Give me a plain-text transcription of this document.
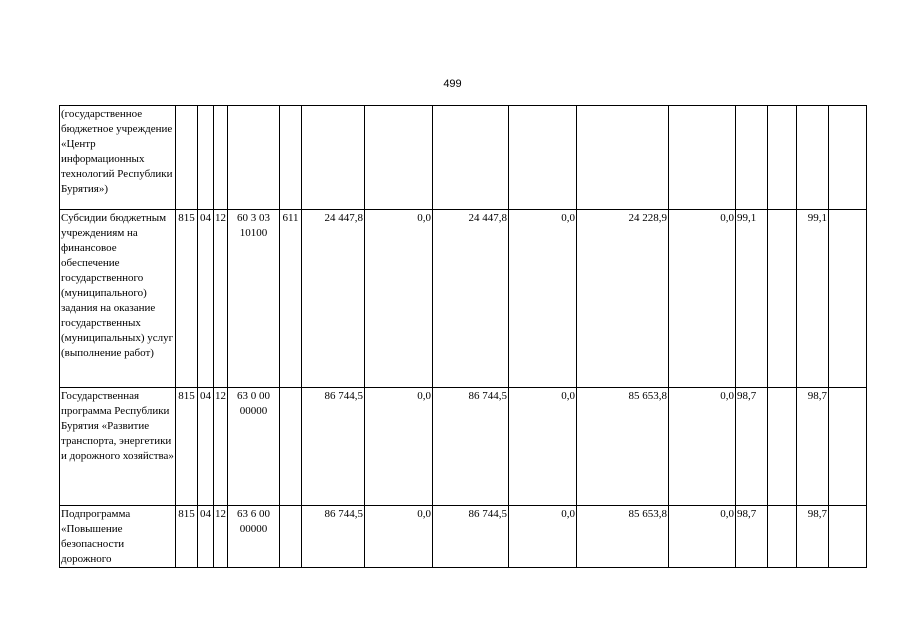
499
(государственное бюджетное учреждение «Центр информационных технологий Республики Бурятия»)															
Субсидии бюджетным учреждениям на финансовое обеспечение государственного (муниципального) задания на оказание государственных (муниципальных) услуг (выполнение работ)	815	04	12	60 3 03 10100	611	24 447,8	0,0	24 447,8	0,0	24 228,9	0,0	99,1		99,1	
Государственная программа Республики Бурятия «Развитие транспорта, энергетики и дорожного хозяйства»	815	04	12	63 0 00 00000		86 744,5	0,0	86 744,5	0,0	85 653,8	0,0	98,7		98,7	
Подпрограмма «Повышение безопасности дорожного	815	04	12	63 6 00 00000		86 744,5	0,0	86 744,5	0,0	85 653,8	0,0	98,7		98,7	
